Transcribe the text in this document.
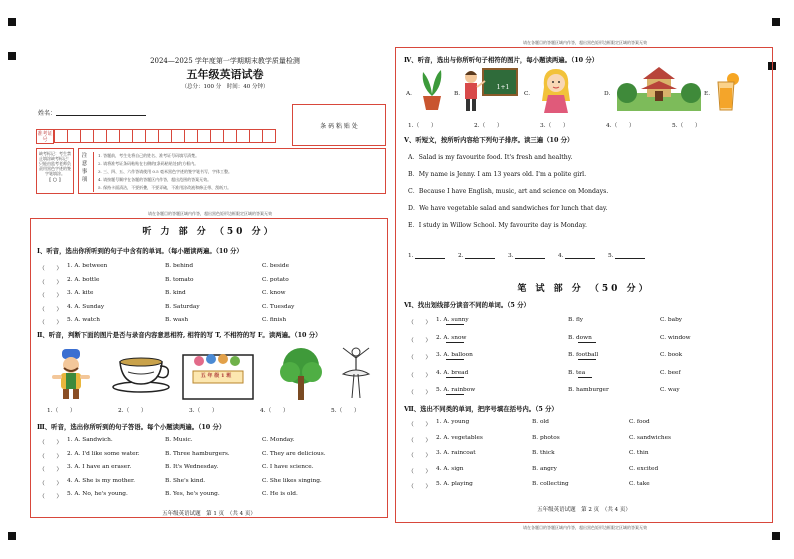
2024—2025 学年度第一学期期末教学质量检测
五年级英语试卷
（总分：100 分　时间：40 分钟）
姓名：
准考证号

条 码 粘 贴 处
缺考标记：考生禁止填涂缺考标记！只能由监考老师负责用黑色字迹的签字笔填涂。
[ ○ ]
注意事项
1. 答题前，考生先将自己的姓名、准考证号码填写清楚。
2. 请将准考证条码粘贴在右侧的[条码粘贴处]的方框内。
3. 三、四、五、六作答请使用 0.5 毫米黑色字迹的签字笔书写，字体工整。
4. 请按题号顺序在各题的答题区内作答，超出范围的答案无效。
5. 保持卡面清洁，不要折叠，不要弄破，不准用涂改液和修正带、刮纸刀。
请在各题目的答题区域内作答，超出黑色矩形边框限定区域的答案无效
听 力 部 分 （50 分）
Ⅰ、听音，选出你所听到的句子中含有的单词。（每小题读两遍。（10 分）
（　　） 1. A. between	B. behind	C. beside
（　　） 2. A. bottle	B. tomato	C. potato
（　　） 3. A. kite	B. kind	C. know
（　　） 4. A. Sunday	B. Saturday	C. Tuesday
（　　） 5. A. watch	B. wash	C. finish
Ⅱ、听音，判断下面的图片是否与录音内容意思相符, 相符的写 T, 不相符的写 F。读两遍。（10 分）
五 年 级 1 班
1.（　　）	2.（　　）	3.（　　）	4.（　　）	5.（　　）
Ⅲ、听音，选出你所听到的句子答语。每个小题读两遍。（10 分）
（　　） 1. A. Sandwich.	B. Music.	C. Monday.
（　　） 2. A. I'd like some water.	B. Three hamburgers.	C. They are delicious.
（　　） 3. A. I have an eraser.	B. It's Wednesday.	C. I have science.
（　　） 4. A. She is my mother.	B. She's kind.	C. She likes singing.
（　　） 5. A. No, he's young.	B. Yes, he's young.	C. He is old.
五年级英语试题　第 1 页　（共 4 页）
请在各题目的答题区域内作答，超出黑色矩形边框限定区域的答案无效
Ⅳ、听音，选出与你所听句子相符的图片，每小题读两遍。（10 分）
A.	B.
1+1
C.	D.	E.
1.（　　）	2.（　　）	3.（　　）	4.（　　）	5.（　　）
Ⅴ、听短文，按所听内容给下列句子排序。读三遍（10 分）
A．Salad is my favourite food. It's fresh and healthy.
B．My name is Jenny. I am 13 years old. I'm a polite girl.
C．Because I have English, music, art and science on Mondays.
D．We have vegetable salad and sandwiches for lunch that day.
E．I study in Willow School. My favourite day is Monday.
1.	2.	3.	4.	5.
笔 试 部 分 （50 分）
Ⅵ、找出划线部分读音不同的单词。（5 分）
（　　） 1. A. sunny	B. fly	C. baby
（　　） 2. A. snow	B. down	C. window
（　　） 3. A. balloon	B. football	C. book
（　　） 4. A. bread	B. tea	C. beef
（　　） 5. A. rainbow	B. hamburger	C. way
Ⅶ、选出不同类的单词，把序号填在括号内。（5 分）
（　　） 1. A. young	B. old	C. food
（　　） 2. A. vegetables	B. photos	C. sandwiches
（　　） 3. A. raincoat	B. thick	C. thin
（　　） 4. A. sign	B. angry	C. excited
（　　） 5. A. playing	B. collecting	C. take
五年级英语试题　第 2 页　（共 4 页）
请在各题目的答题区域内作答，超出黑色矩形边框限定区域的答案无效
